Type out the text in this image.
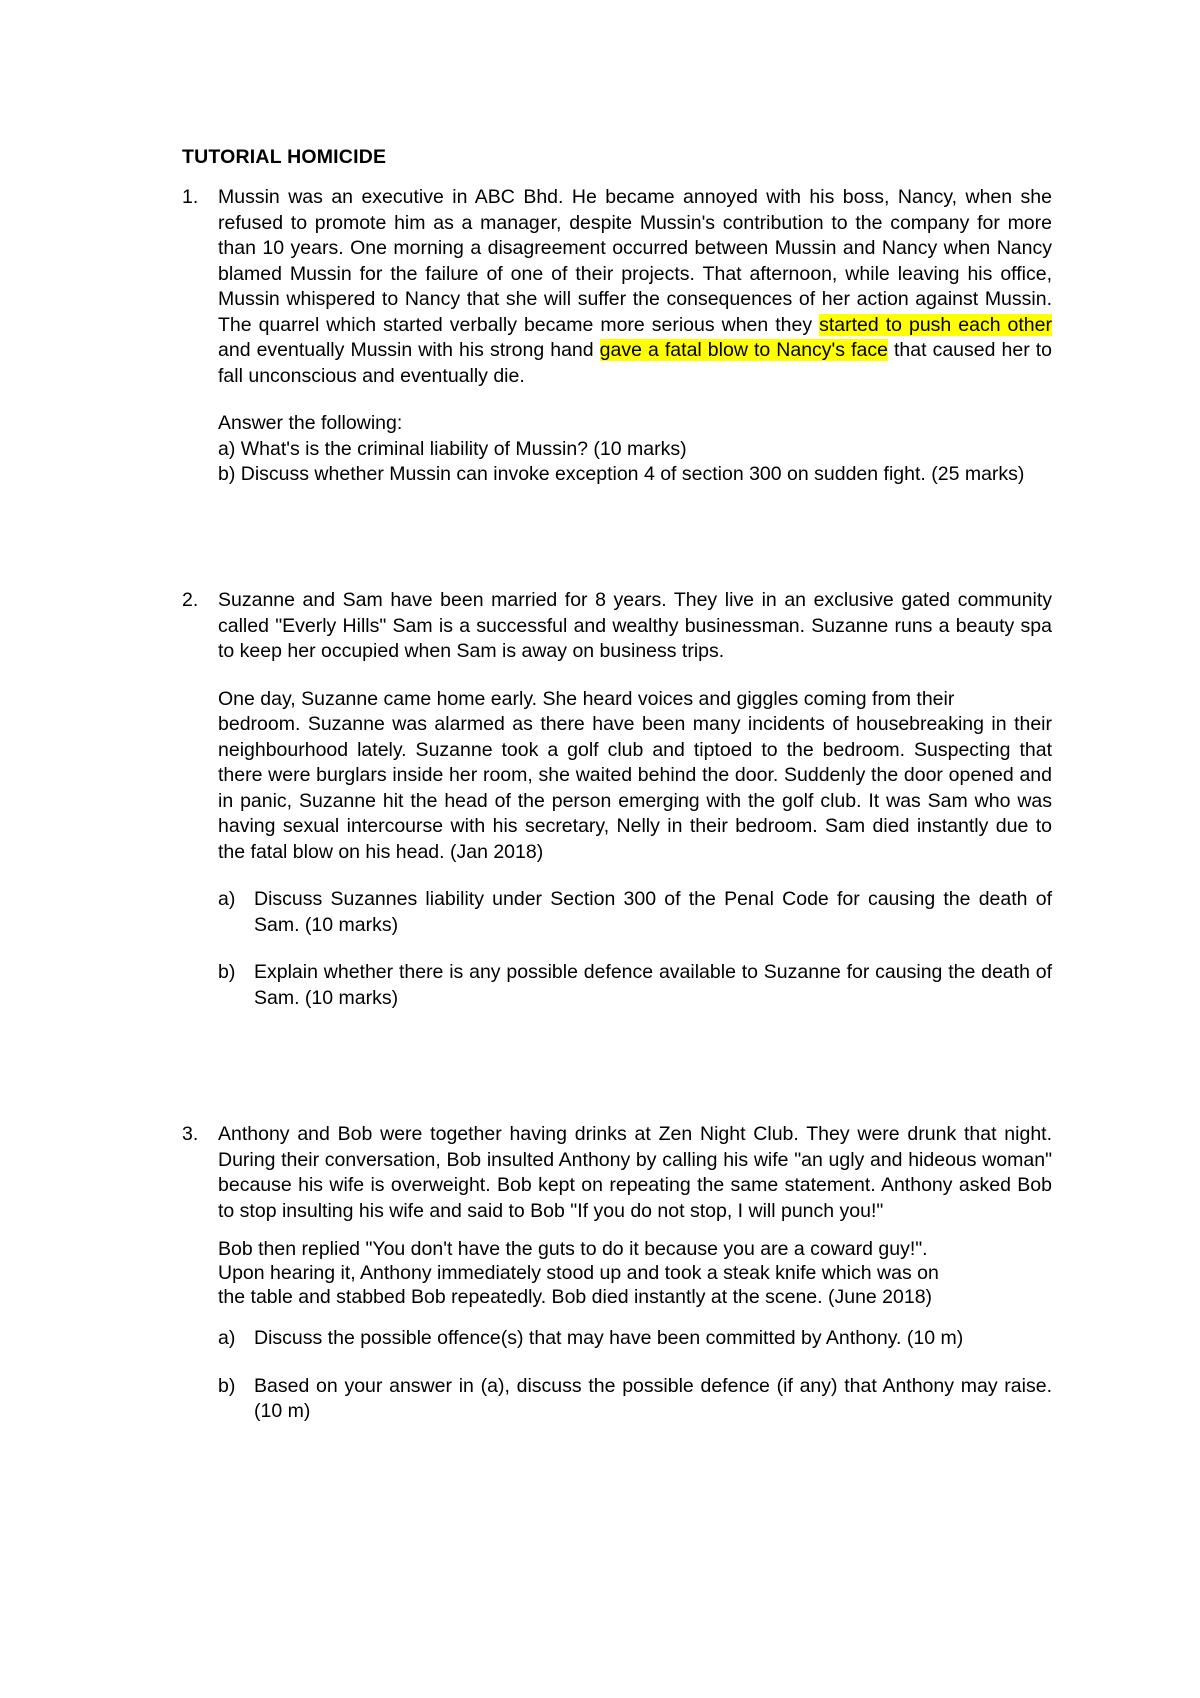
TUTORIAL HOMICIDE
1. Mussin was an executive in ABC Bhd. He became annoyed with his boss, Nancy, when she refused to promote him as a manager, despite Mussin's contribution to the company for more than 10 years. One morning a disagreement occurred between Mussin and Nancy when Nancy blamed Mussin for the failure of one of their projects. That afternoon, while leaving his office, Mussin whispered to Nancy that she will suffer the consequences of her action against Mussin. The quarrel which started verbally became more serious when they started to push each other and eventually Mussin with his strong hand gave a fatal blow to Nancy's face that caused her to fall unconscious and eventually die.

Answer the following:

a) What's is the criminal liability of Mussin? (10 marks)

b) Discuss whether Mussin can invoke exception 4 of section 300 on sudden fight. (25 marks)

2. Suzanne and Sam have been married for 8 years. They live in an exclusive gated community called "Everly Hills" Sam is a successful and wealthy businessman. Suzanne runs a beauty spa to keep her occupied when Sam is away on business trips.

One day, Suzanne came home early. She heard voices and giggles coming from their

bedroom. Suzanne was alarmed as there have been many incidents of housebreaking in their neighbourhood lately. Suzanne took a golf club and tiptoed to the bedroom. Suspecting that there were burglars inside her room, she waited behind the door. Suddenly the door opened and in panic, Suzanne hit the head of the person emerging with the golf club. It was Sam who was having sexual intercourse with his secretary, Nelly in their bedroom. Sam died instantly due to the fatal blow on his head. (Jan 2018)

a) Discuss Suzannes liability under Section 300 of the Penal Code for causing the death of Sam. (10 marks)
b) Explain whether there is any possible defence available to Suzanne for causing the death of Sam. (10 marks)
3. Anthony and Bob were together having drinks at Zen Night Club. They were drunk that night. During their conversation, Bob insulted Anthony by calling his wife "an ugly and hideous woman" because his wife is overweight. Bob kept on repeating the same statement. Anthony asked Bob to stop insulting his wife and said to Bob "If you do not stop, I will punch you!"

Bob then replied "You don't have the guts to do it because you are a coward guy!".

Upon hearing it, Anthony immediately stood up and took a steak knife which was on

the table and stabbed Bob repeatedly. Bob died instantly at the scene. (June 2018)

a) Discuss the possible offence(s) that may have been committed by Anthony. (10 m)
b) Based on your answer in (a), discuss the possible defence (if any) that Anthony may raise. (10 m)
